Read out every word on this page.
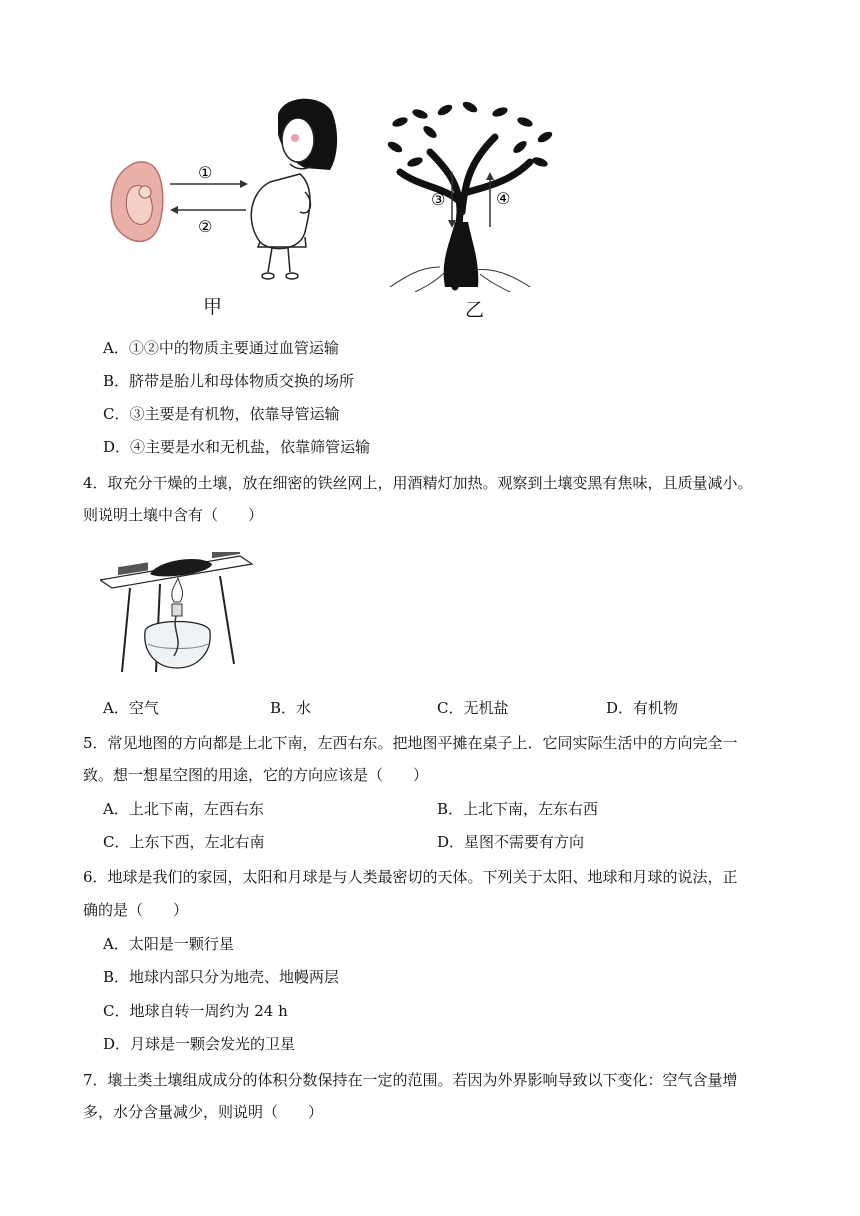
①
②
③	④
甲	乙
A．①②中的物质主要通过血管运输
B．脐带是胎儿和母体物质交换的场所
C．③主要是有机物，依靠导管运输
D．④主要是水和无机盐，依靠筛管运输
4．取充分干燥的土壤，放在细密的铁丝网上，用酒精灯加热。观察到土壤变黑有焦味，且质量减小。
则说明土壤中含有（　　）
A．空气	B．水	C．无机盐	D．有机物
5．常见地图的方向都是上北下南，左西右东。把地图平摊在桌子上．它同实际生活中的方向完全一
致。想一想星空图的用途，它的方向应该是（　　）
A．上北下南，左西右东	B．上北下南，左东右西
C．上东下西，左北右南	D．星图不需要有方向
6．地球是我们的家园，太阳和月球是与人类最密切的天体。下列关于太阳、地球和月球的说法，正
确的是（　　）
A．太阳是一颗行星
B．地球内部只分为地壳、地幔两层
C．地球自转一周约为 24 h
D．月球是一颗会发光的卫星
7．壤土类土壤组成成分的体积分数保持在一定的范围。若因为外界影响导致以下变化：空气含量增
多，水分含量减少，则说明（　　）
